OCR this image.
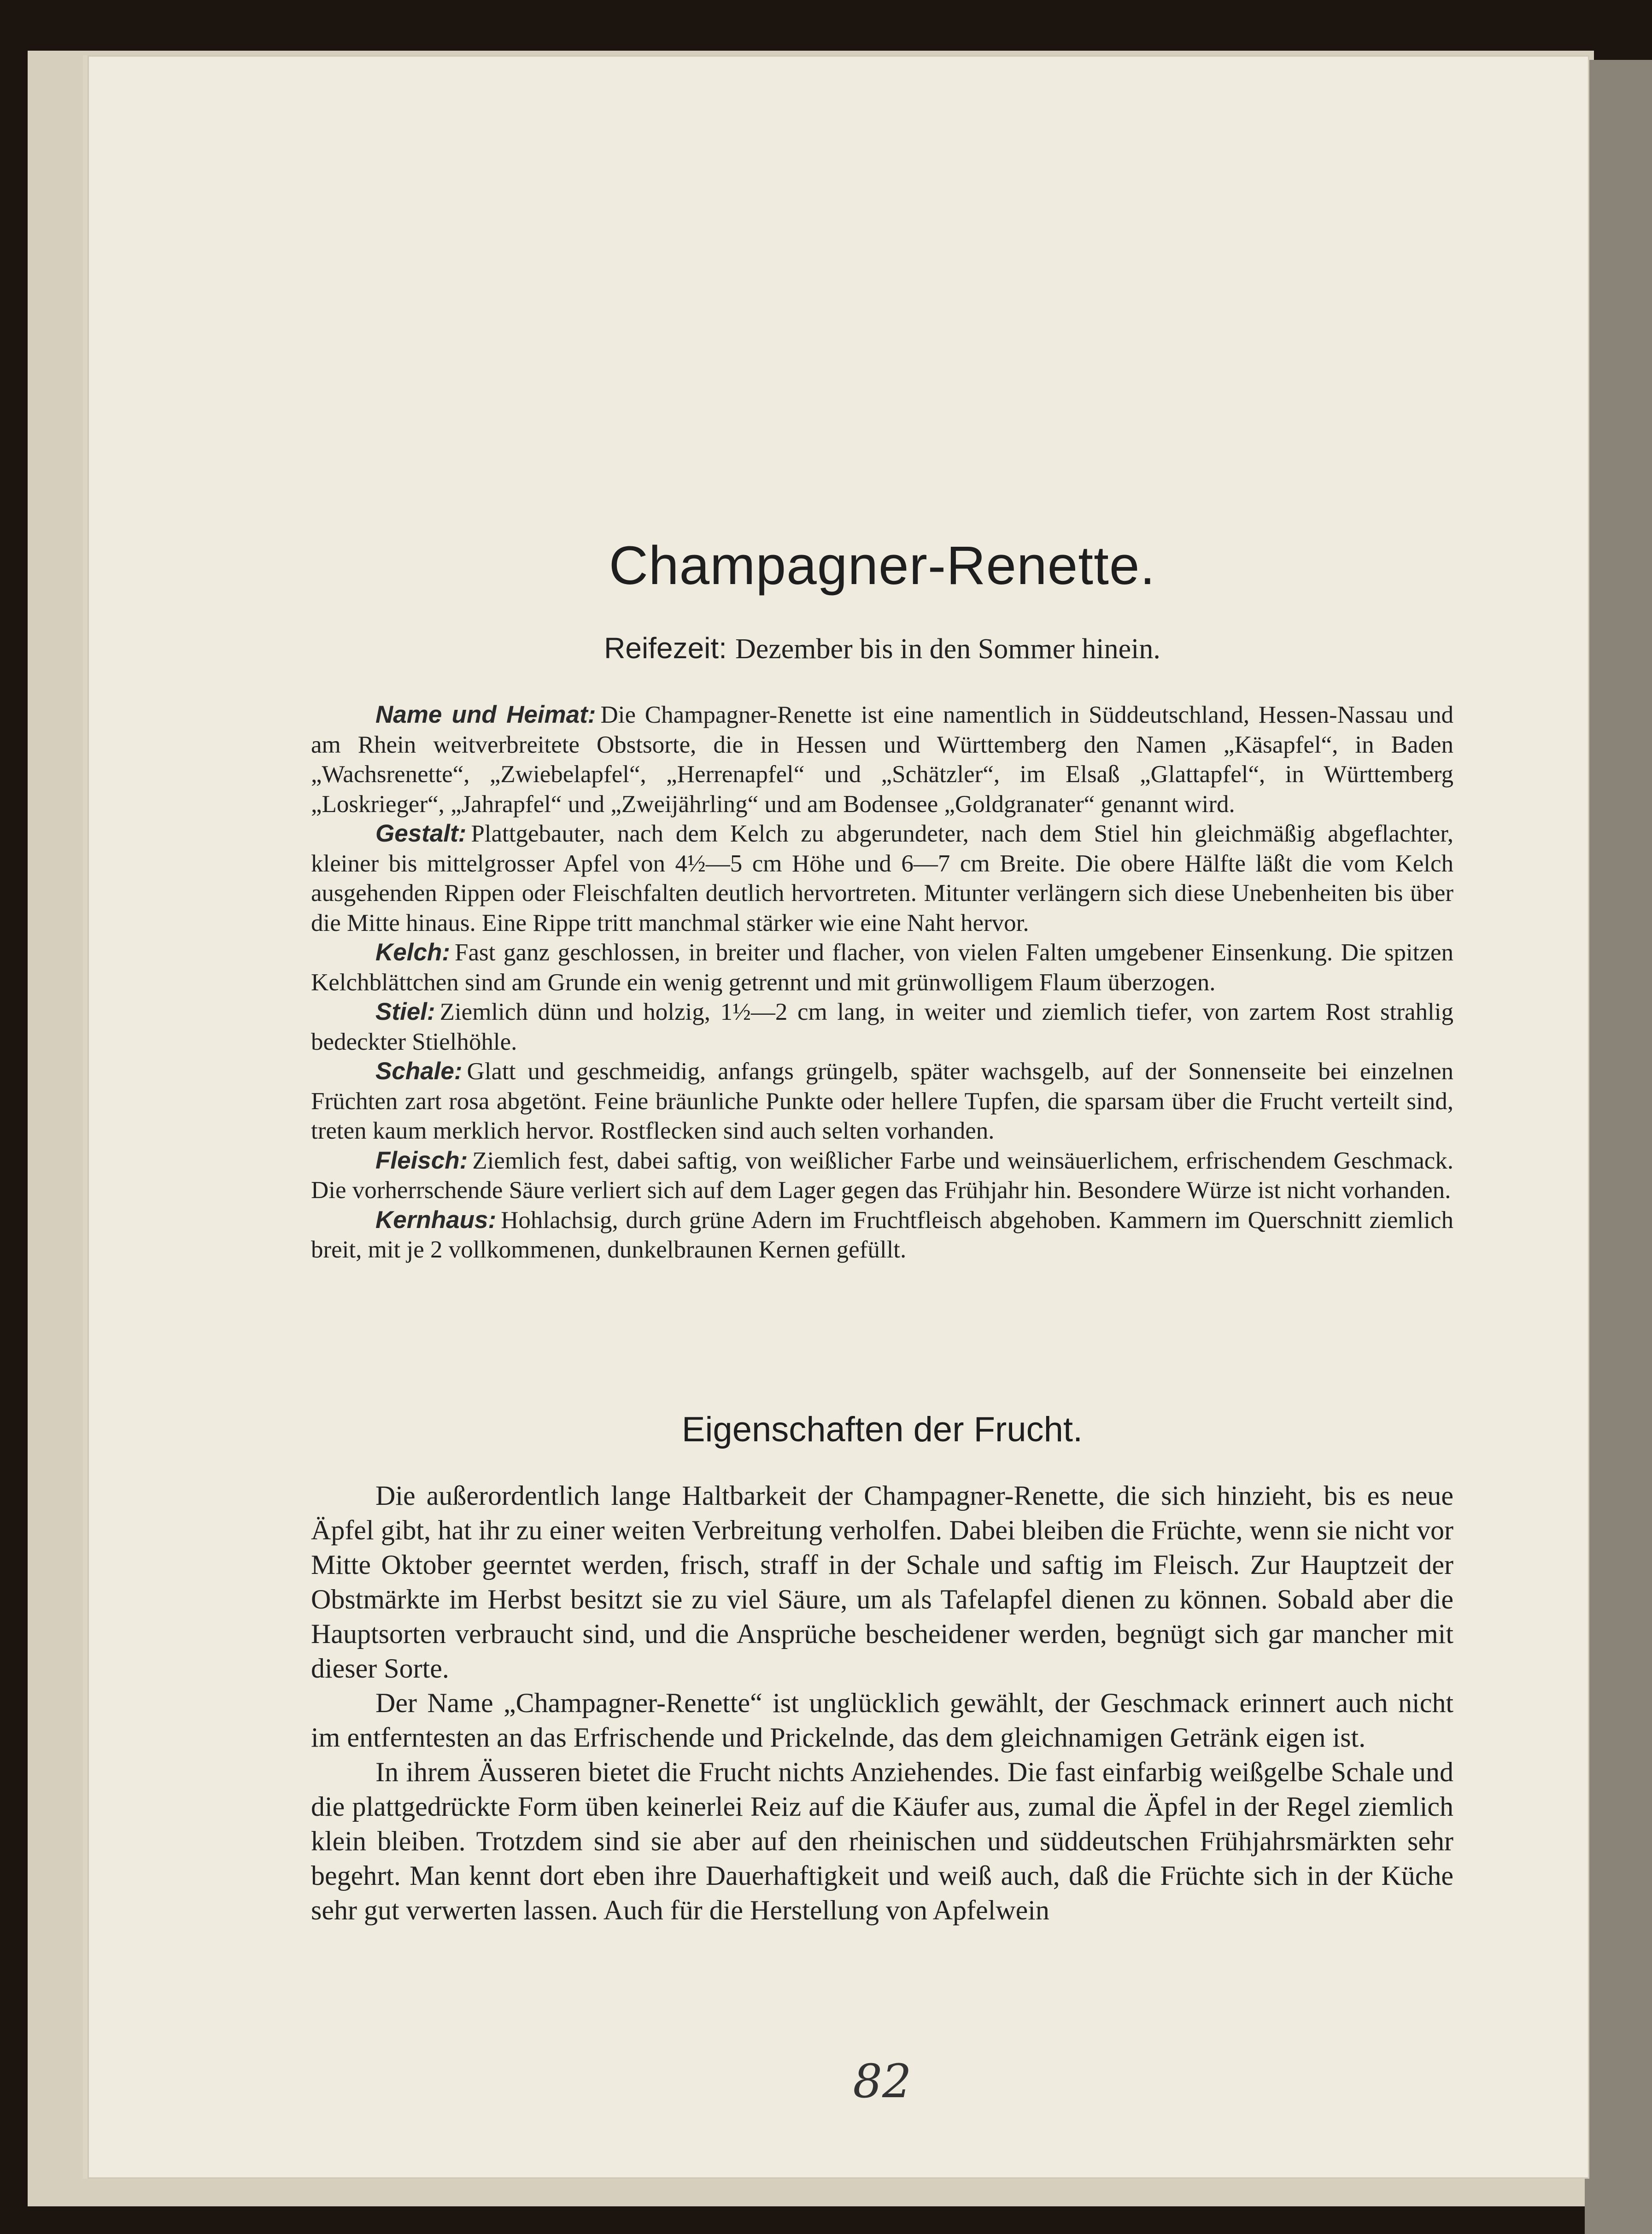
Champagner-Renette.
Reifezeit: Dezember bis in den Sommer hinein.

Name und Heimat: Die Champagner-Renette ist eine namentlich in Süddeutschland, Hessen-Nassau und am Rhein weitverbreitete Obstsorte, die in Hessen und Württemberg den Namen „Käsapfel“, in Baden „Wachsrenette“, „Zwiebelapfel“, „Herrenapfel“ und „Schätzler“, im Elsaß „Glattapfel“, in Württemberg „Loskrieger“, „Jahrapfel“ und „Zweijährling“ und am Bodensee „Goldgranater“ genannt wird.

Gestalt: Plattgebauter, nach dem Kelch zu abgerundeter, nach dem Stiel hin gleichmäßig abgeflachter, kleiner bis mittelgrosser Apfel von 4½—5 cm Höhe und 6—7 cm Breite. Die obere Hälfte läßt die vom Kelch ausgehenden Rippen oder Fleischfalten deutlich hervortreten. Mitunter verlängern sich diese Unebenheiten bis über die Mitte hinaus. Eine Rippe tritt manchmal stärker wie eine Naht hervor.

Kelch: Fast ganz geschlossen, in breiter und flacher, von vielen Falten umgebener Einsenkung. Die spitzen Kelchblättchen sind am Grunde ein wenig getrennt und mit grünwolligem Flaum überzogen.

Stiel: Ziemlich dünn und holzig, 1½—2 cm lang, in weiter und ziemlich tiefer, von zartem Rost strahlig bedeckter Stielhöhle.

Schale: Glatt und geschmeidig, anfangs grüngelb, später wachsgelb, auf der Sonnenseite bei einzelnen Früchten zart rosa abgetönt. Feine bräunliche Punkte oder hellere Tupfen, die sparsam über die Frucht verteilt sind, treten kaum merklich hervor. Rostflecken sind auch selten vorhanden.

Fleisch: Ziemlich fest, dabei saftig, von weißlicher Farbe und weinsäuerlichem, erfrischendem Geschmack. Die vorherrschende Säure verliert sich auf dem Lager gegen das Frühjahr hin. Besondere Würze ist nicht vorhanden.

Kernhaus: Hohlachsig, durch grüne Adern im Fruchtfleisch abgehoben. Kammern im Querschnitt ziemlich breit, mit je 2 vollkommenen, dunkelbraunen Kernen gefüllt.

Eigenschaften der Frucht.

Die außerordentlich lange Haltbarkeit der Champagner-Renette, die sich hinzieht, bis es neue Äpfel gibt, hat ihr zu einer weiten Verbreitung verholfen. Dabei bleiben die Früchte, wenn sie nicht vor Mitte Oktober geerntet werden, frisch, straff in der Schale und saftig im Fleisch. Zur Hauptzeit der Obstmärkte im Herbst besitzt sie zu viel Säure, um als Tafelapfel dienen zu können. Sobald aber die Hauptsorten verbraucht sind, und die Ansprüche bescheidener werden, begnügt sich gar mancher mit dieser Sorte.

Der Name „Champagner-Renette“ ist unglücklich gewählt, der Geschmack erinnert auch nicht im entferntesten an das Erfrischende und Prickelnde, das dem gleichnamigen Getränk eigen ist.

In ihrem Äusseren bietet die Frucht nichts Anziehendes. Die fast einfarbig weißgelbe Schale und die plattgedrückte Form üben keinerlei Reiz auf die Käufer aus, zumal die Äpfel in der Regel ziemlich klein bleiben. Trotzdem sind sie aber auf den rheinischen und süddeutschen Frühjahrsmärkten sehr begehrt. Man kennt dort eben ihre Dauerhaftigkeit und weiß auch, daß die Früchte sich in der Küche sehr gut verwerten lassen. Auch für die Herstellung von Apfelwein

82
